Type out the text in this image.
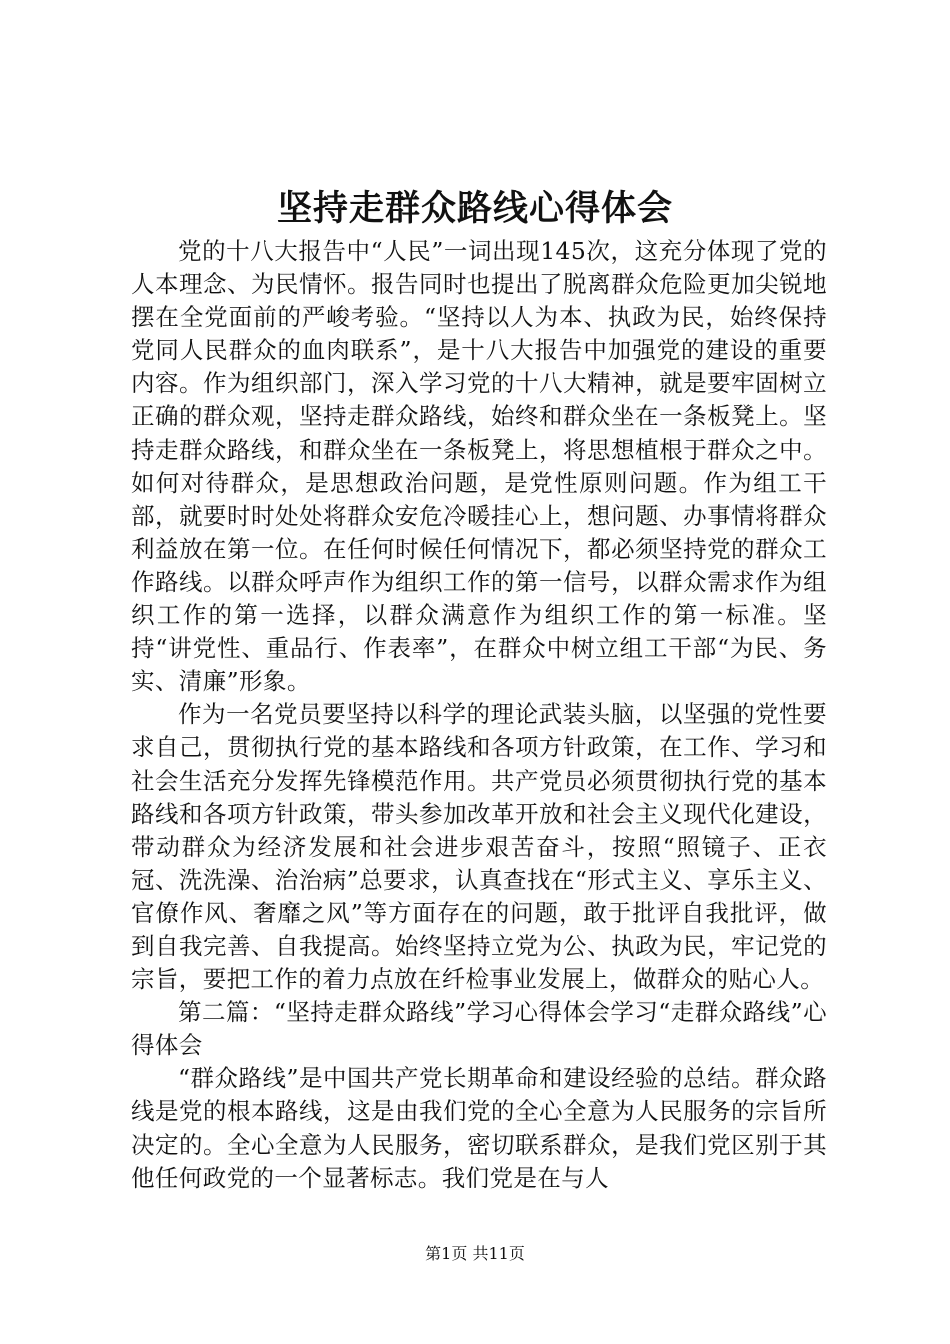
坚持走群众路线心得体会

党的十八大报告中“人民”一词出现145次，这充分体现了党的人本理念、为民情怀。报告同时也提出了脱离群众危险更加尖锐地摆在全党面前的严峻考验。“坚持以人为本、执政为民，始终保持党同人民群众的血肉联系”，是十八大报告中加强党的建设的重要内容。作为组织部门，深入学习党的十八大精神，就是要牢固树立正确的群众观，坚持走群众路线，始终和群众坐在一条板凳上。坚持走群众路线，和群众坐在一条板凳上，将思想植根于群众之中。如何对待群众，是思想政治问题，是党性原则问题。作为组工干部，就要时时处处将群众安危冷暖挂心上，想问题、办事情将群众利益放在第一位。在任何时候任何情况下，都必须坚持党的群众工作路线。以群众呼声作为组织工作的第一信号，以群众需求作为组织工作的第一选择，以群众满意作为组织工作的第一标准。坚持“讲党性、重品行、作表率”，在群众中树立组工干部“为民、务实、清廉”形象。

作为一名党员要坚持以科学的理论武装头脑，以坚强的党性要求自己，贯彻执行党的基本路线和各项方针政策，在工作、学习和社会生活充分发挥先锋模范作用。共产党员必须贯彻执行党的基本路线和各项方针政策，带头参加改革开放和社会主义现代化建设，带动群众为经济发展和社会进步艰苦奋斗，按照“照镜子、正衣冠、洗洗澡、治治病”总要求，认真查找在“形式主义、享乐主义、官僚作风、奢靡之风”等方面存在的问题，敢于批评自我批评，做到自我完善、自我提高。始终坚持立党为公、执政为民，牢记党的宗旨，要把工作的着力点放在纤检事业发展上，做群众的贴心人。

第二篇：“坚持走群众路线”学习心得体会学习“走群众路线”心得体会

“群众路线”是中国共产党长期革命和建设经验的总结。群众路线是党的根本路线，这是由我们党的全心全意为人民服务的宗旨所决定的。全心全意为人民服务，密切联系群众，是我们党区别于其他任何政党的一个显著标志。我们党是在与人

第1页 共11页
